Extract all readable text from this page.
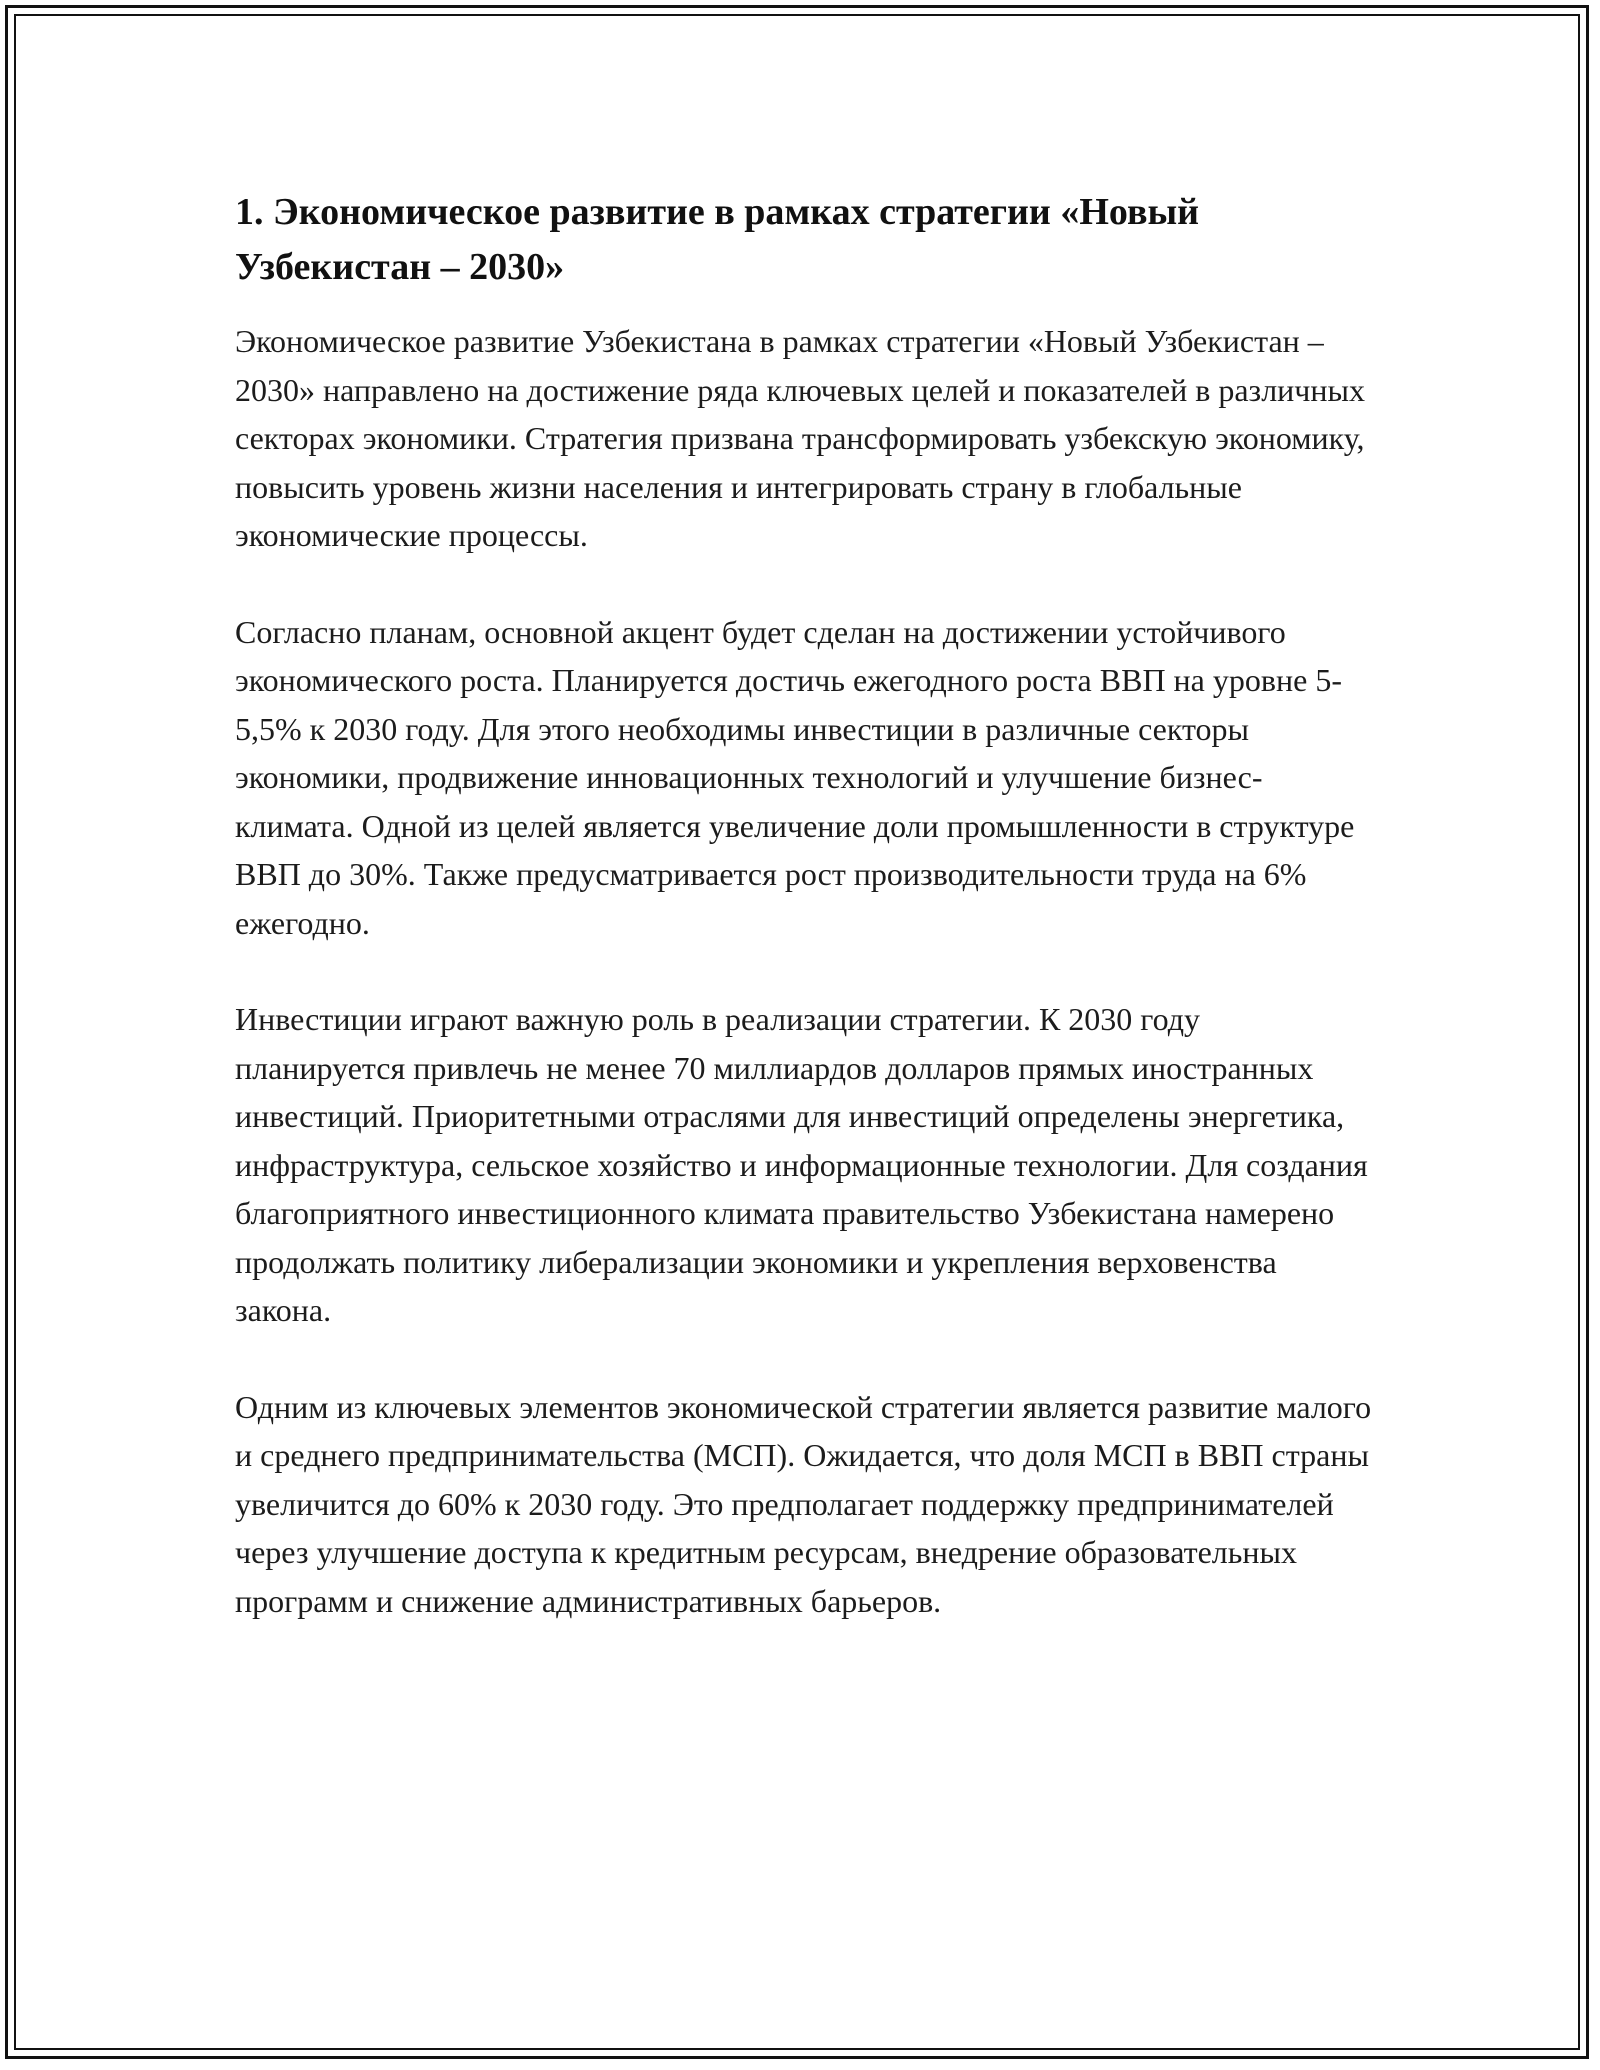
1. Экономическое развитие в рамках стратегии «Новый Узбекистан – 2030»

Экономическое развитие Узбекистана в рамках стратегии «Новый Узбекистан – 2030» направлено на достижение ряда ключевых целей и показателей в различных секторах экономики. Стратегия призвана трансформировать узбекскую экономику, повысить уровень жизни населения и интегрировать страну в глобальные экономические процессы.

Согласно планам, основной акцент будет сделан на достижении устойчивого экономического роста. Планируется достичь ежегодного роста ВВП на уровне 5-5,5% к 2030 году. Для этого необходимы инвестиции в различные секторы экономики, продвижение инновационных технологий и улучшение бизнес-климата. Одной из целей является увеличение доли промышленности в структуре ВВП до 30%. Также предусматривается рост производительности труда на 6% ежегодно.

Инвестиции играют важную роль в реализации стратегии. К 2030 году планируется привлечь не менее 70 миллиардов долларов прямых иностранных инвестиций. Приоритетными отраслями для инвестиций определены энергетика, инфраструктура, сельское хозяйство и информационные технологии. Для создания благоприятного инвестиционного климата правительство Узбекистана намерено продолжать политику либерализации экономики и укрепления верховенства закона.

Одним из ключевых элементов экономической стратегии является развитие малого и среднего предпринимательства (МСП). Ожидается, что доля МСП в ВВП страны увеличится до 60% к 2030 году. Это предполагает поддержку предпринимателей через улучшение доступа к кредитным ресурсам, внедрение образовательных программ и снижение административных барьеров.
